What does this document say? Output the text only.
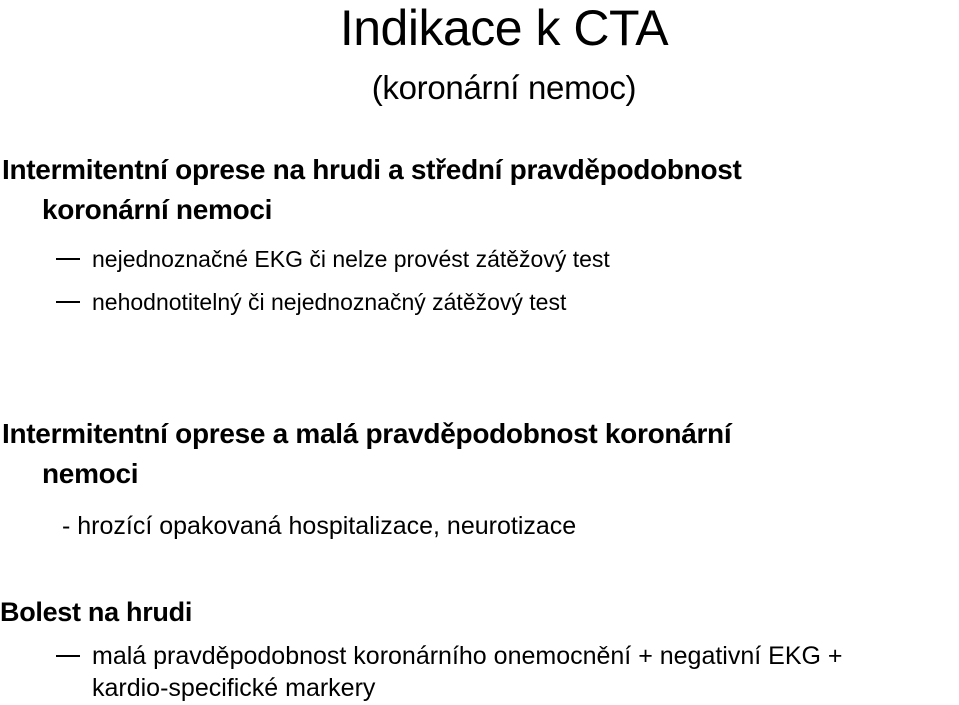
Indikace k CTA
(koronární nemoc)
Intermitentní oprese na hrudi a střední pravděpodobnost
koronární nemoci
nejednoznačné EKG či nelze provést zátěžový test
nehodnotitelný či nejednoznačný zátěžový test
Intermitentní oprese a malá pravděpodobnost koronární
nemoci
- hrozící opakovaná hospitalizace, neurotizace
Bolest na hrudi
malá pravděpodobnost koronárního onemocnění + negativní EKG +
kardio-specifické markery
